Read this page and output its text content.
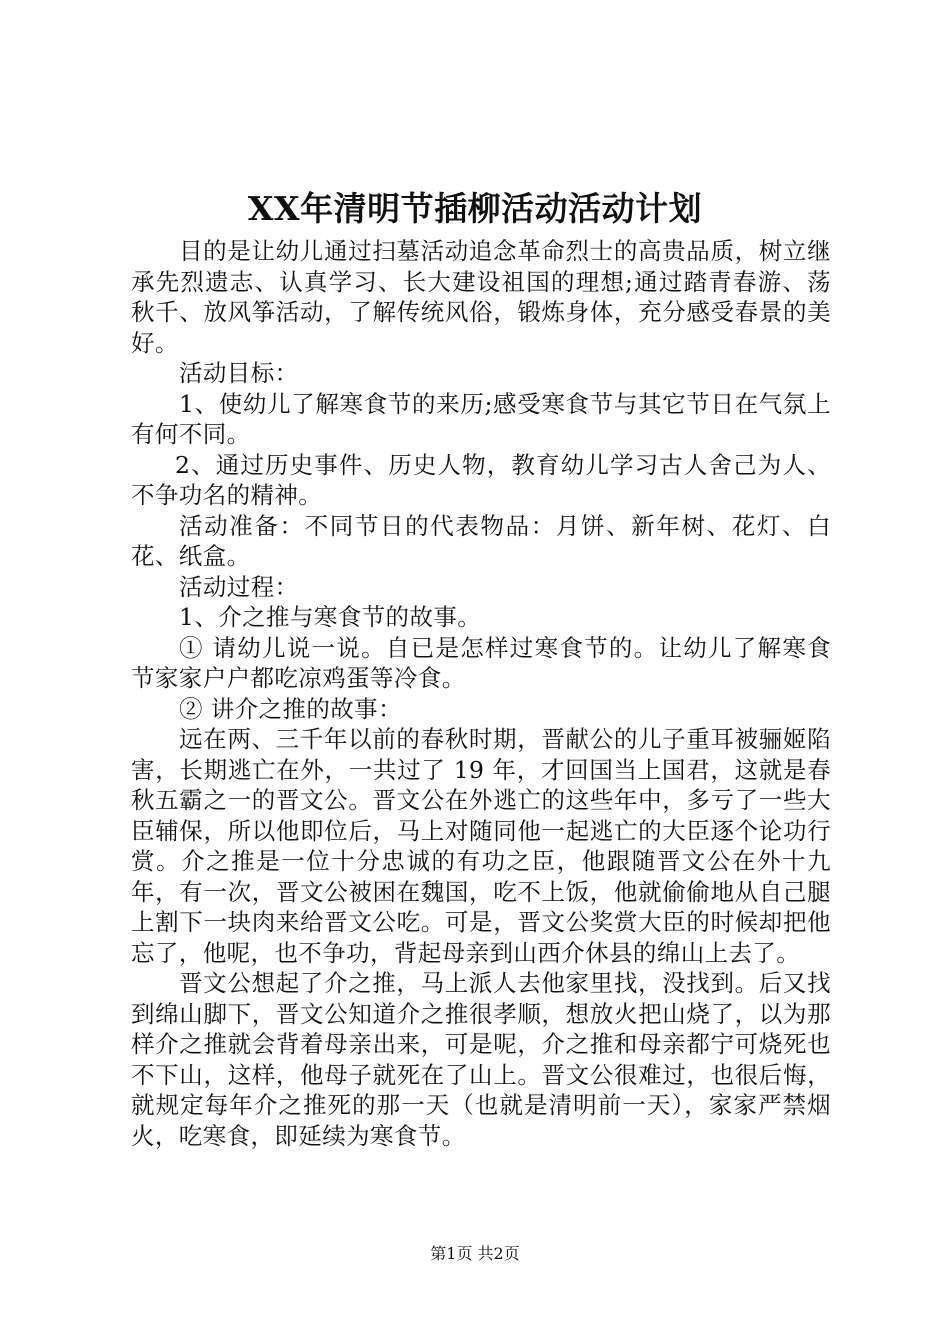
XX年清明节插柳活动活动计划

目的是让幼儿通过扫墓活动追念革命烈士的高贵品质，树立继承先烈遗志、认真学习、长大建设祖国的理想;通过踏青春游、荡秋千、放风筝活动，了解传统风俗，锻炼身体，充分感受春景的美好。

活动目标：

1、使幼儿了解寒食节的来历;感受寒食节与其它节日在气氛上有何不同。

2、通过历史事件、历史人物，教育幼儿学习古人舍己为人、不争功名的精神。

活动准备：不同节日的代表物品：月饼、新年树、花灯、白花、纸盒。

活动过程：

1、介之推与寒食节的故事。

① 请幼儿说一说。自已是怎样过寒食节的。让幼儿了解寒食节家家户户都吃凉鸡蛋等冷食。

② 讲介之推的故事：

远在两、三千年以前的春秋时期，晋献公的儿子重耳被骊姬陷害，长期逃亡在外，一共过了 19 年，才回国当上国君，这就是春秋五霸之一的晋文公。晋文公在外逃亡的这些年中，多亏了一些大臣辅保，所以他即位后，马上对随同他一起逃亡的大臣逐个论功行赏。介之推是一位十分忠诚的有功之臣，他跟随晋文公在外十九年，有一次，晋文公被困在魏国，吃不上饭，他就偷偷地从自己腿上割下一块肉来给晋文公吃。可是，晋文公奖赏大臣的时候却把他忘了，他呢，也不争功，背起母亲到山西介休县的绵山上去了。

晋文公想起了介之推，马上派人去他家里找，没找到。后又找到绵山脚下，晋文公知道介之推很孝顺，想放火把山烧了，以为那样介之推就会背着母亲出来，可是呢，介之推和母亲都宁可烧死也不下山，这样，他母子就死在了山上。晋文公很难过，也很后悔，就规定每年介之推死的那一天（也就是清明前一天），家家严禁烟火，吃寒食，即延续为寒食节。

第1页 共2页
